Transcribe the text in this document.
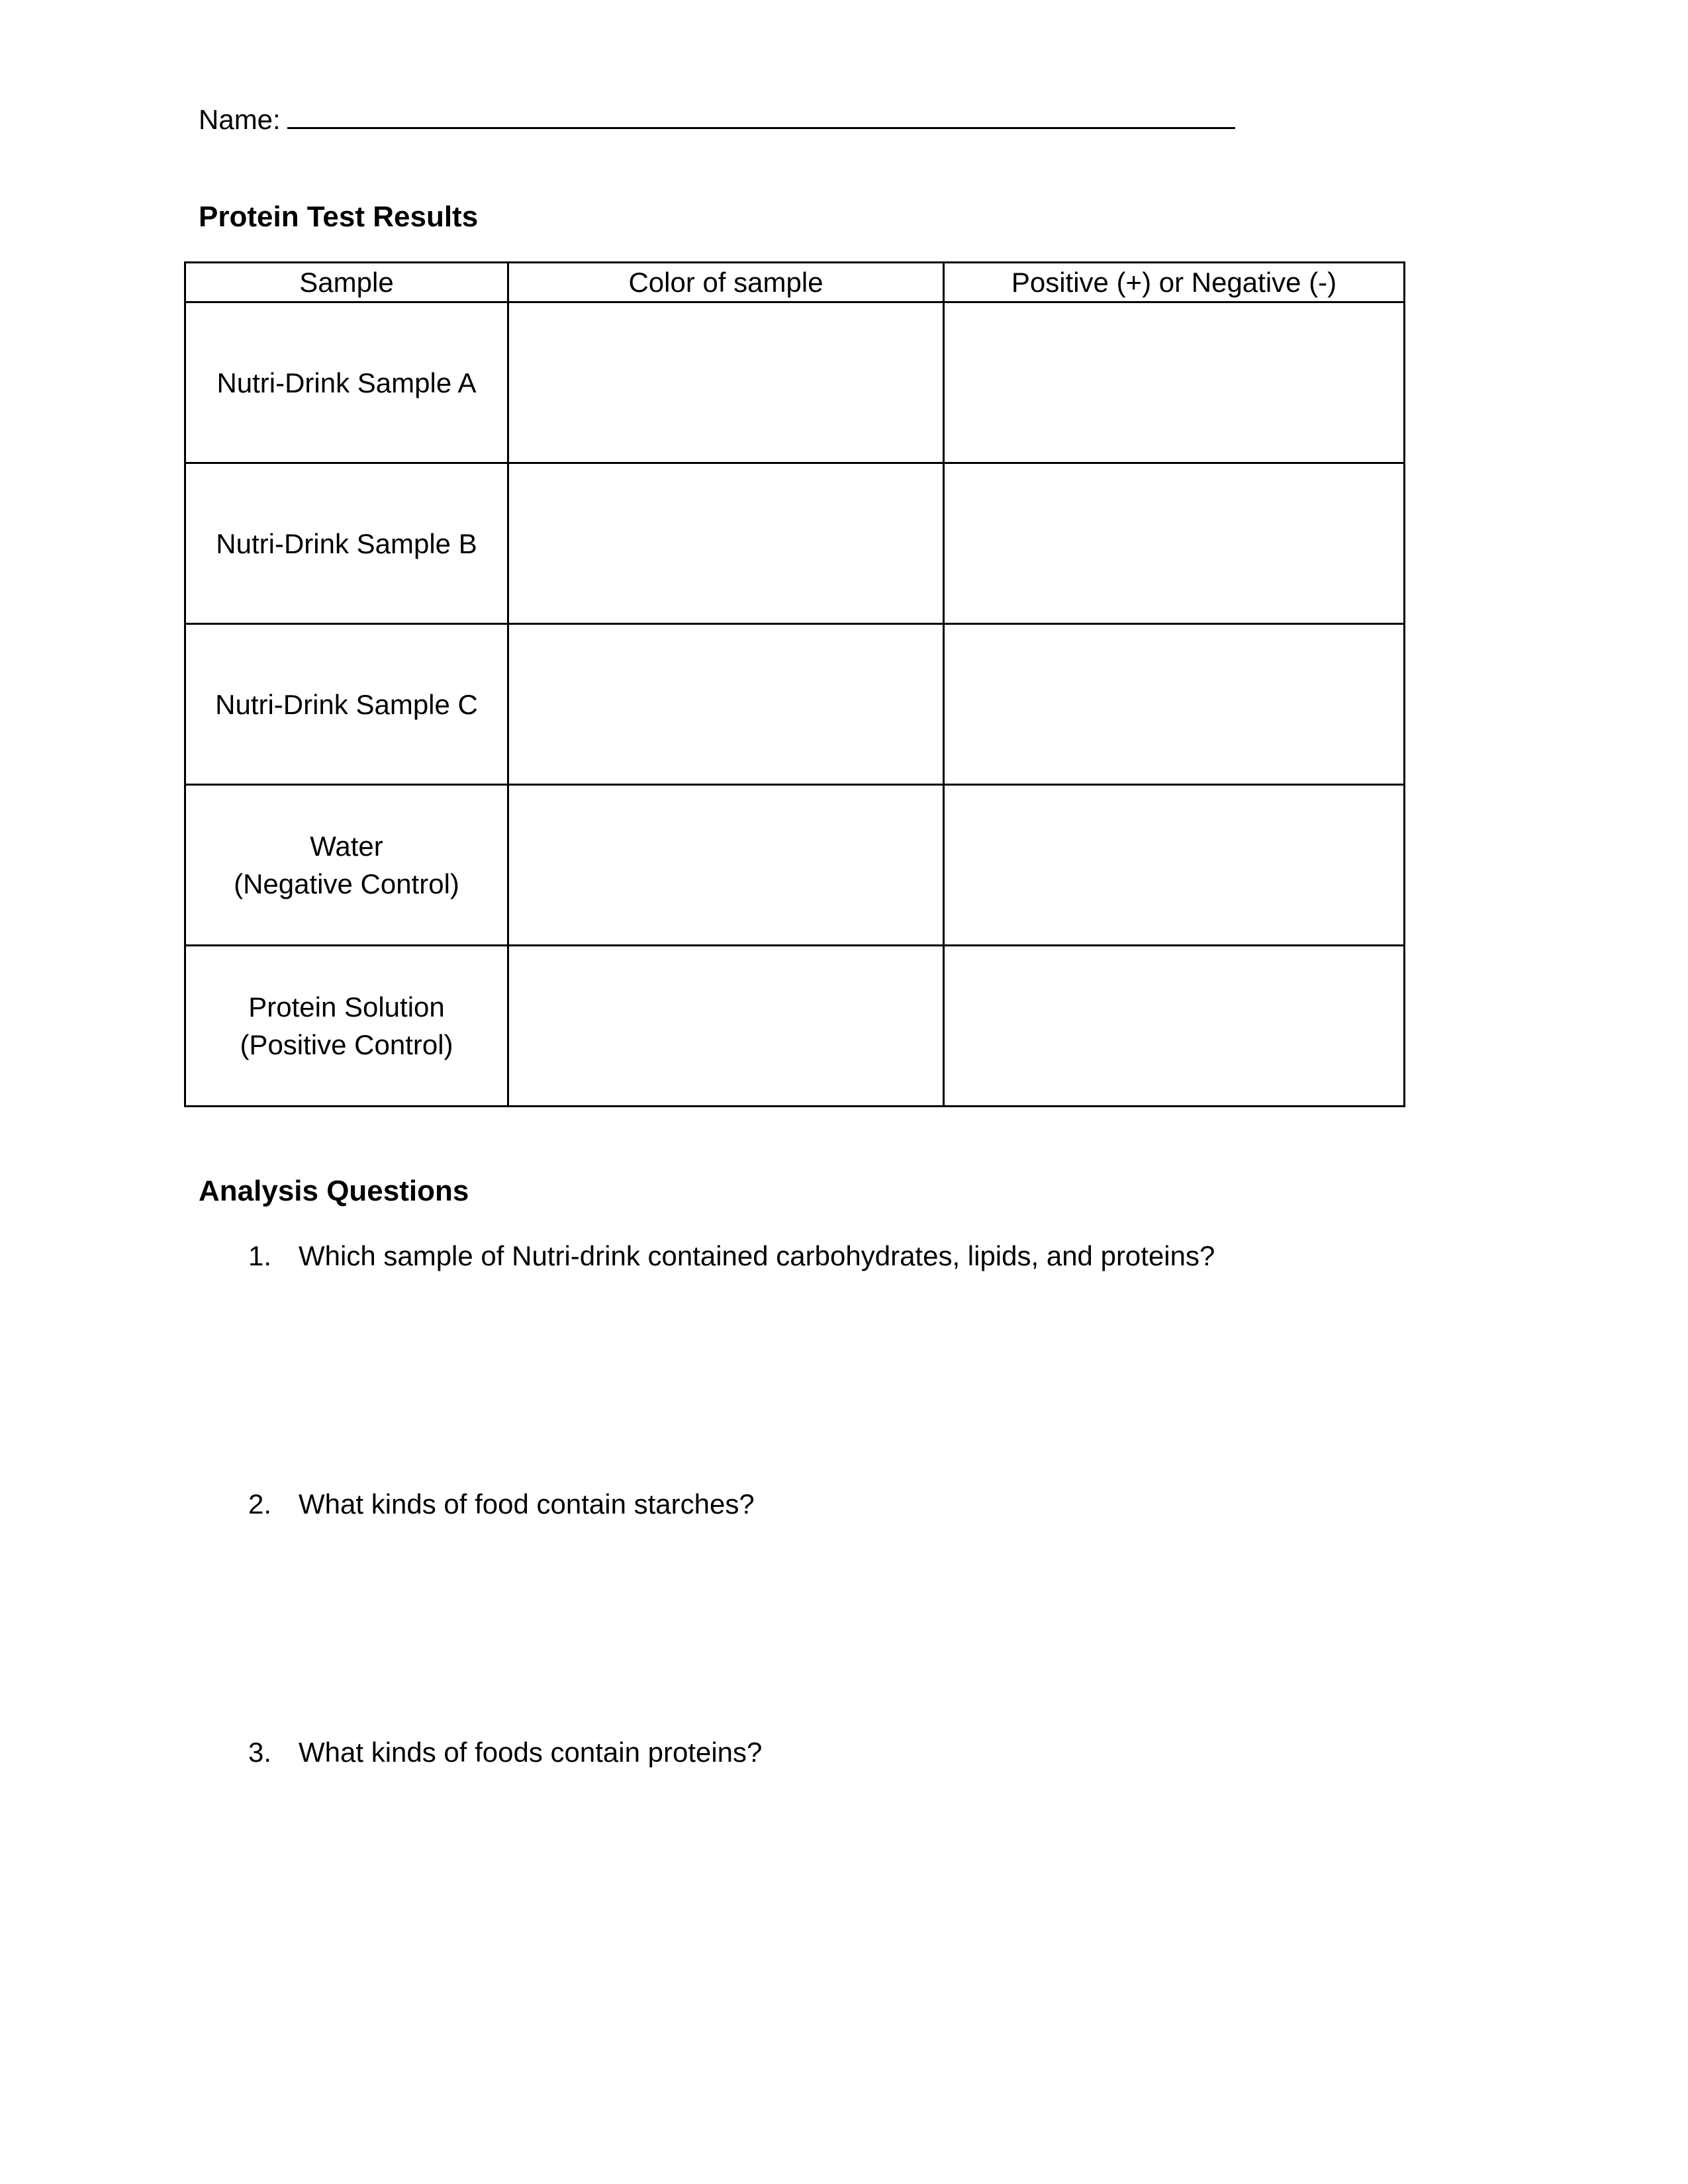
Name:
Protein Test Results
Sample	Color of sample	Positive (+) or Negative (-)

Nutri-Drink Sample A		

Nutri-Drink Sample B		

Nutri-Drink Sample C		

Water
(Negative Control)		

Protein Solution
(Positive Control)		

Analysis Questions
1. Which sample of Nutri-drink contained carbohydrates, lipids, and proteins?
2. What kinds of food contain starches?
3. What kinds of foods contain proteins?
